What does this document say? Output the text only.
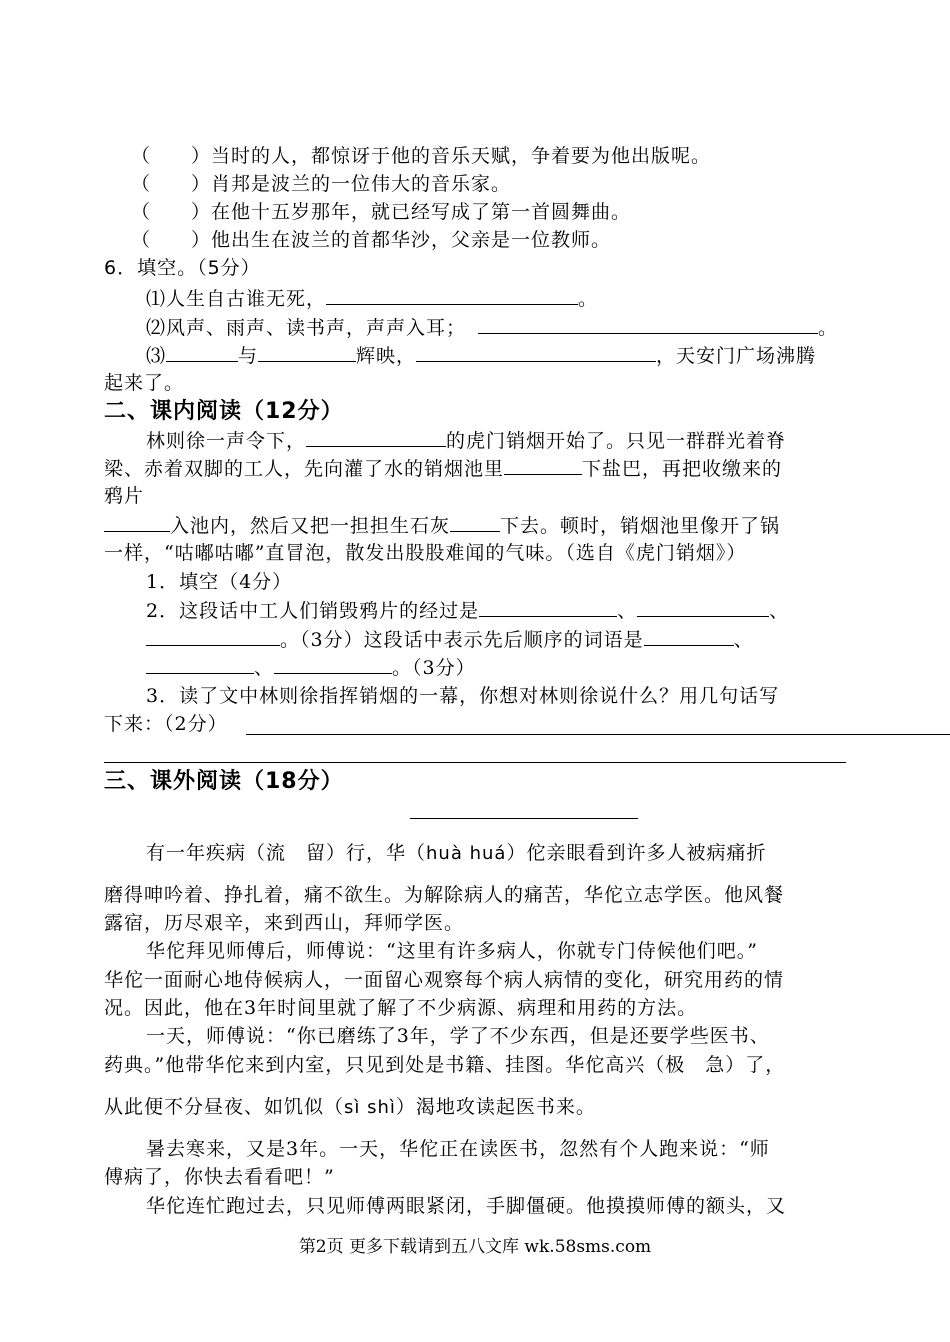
（　　）当时的人，都惊讶于他的音乐天赋，争着要为他出版呢。
（　　）肖邦是波兰的一位伟大的音乐家。
（　　）在他十五岁那年，就已经写成了第一首圆舞曲。
（　　）他出生在波兰的首都华沙，父亲是一位教师。
6．填空。（5分）
⑴人生自古谁无死，	。
⑵风声、雨声、读书声，声声入耳；	。
⑶	与	辉映，	，天安门广场沸腾
起来了。
二、课内阅读（12分）
林则徐一声令下，	的虎门销烟开始了。只见一群群光着脊
梁、赤着双脚的工人，先向灌了水的销烟池里	下盐巴，再把收缴来的
鸦片
入池内，然后又把一担担生石灰	下去。顿时，销烟池里像开了锅
一样，“咕嘟咕嘟”直冒泡，散发出股股难闻的气味。（选自《虎门销烟》）
1．填空（4分）
2．这段话中工人们销毁鸦片的经过是	、	、
。（3分）这段话中表示先后顺序的词语是	、
、	。（3分）
3．读了文中林则徐指挥销烟的一幕，你想对林则徐说什么？用几句话写
下来：（2分）
三、课外阅读（18分）
有一年疾病（流　留）行，华（huà huá）佗亲眼看到许多人被病痛折
磨得呻吟着、挣扎着，痛不欲生。为解除病人的痛苦，华佗立志学医。他风餐
露宿，历尽艰辛，来到西山，拜师学医。
华佗拜见师傅后，师傅说：“这里有许多病人，你就专门侍候他们吧。”
华佗一面耐心地侍候病人，一面留心观察每个病人病情的变化，研究用药的情
况。因此，他在3年时间里就了解了不少病源、病理和用药的方法。
一天，师傅说：“你已磨练了3年，学了不少东西，但是还要学些医书、
药典。”他带华佗来到内室，只见到处是书籍、挂图。华佗高兴（极　急）了，
从此便不分昼夜、如饥似（sì shì）渴地攻读起医书来。
暑去寒来，又是3年。一天，华佗正在读医书，忽然有个人跑来说：“师
傅病了，你快去看看吧！”
华佗连忙跑过去，只见师傅两眼紧闭，手脚僵硬。他摸摸师傅的额头，又
第2页 更多下载请到五八文库 wk.58sms.com
